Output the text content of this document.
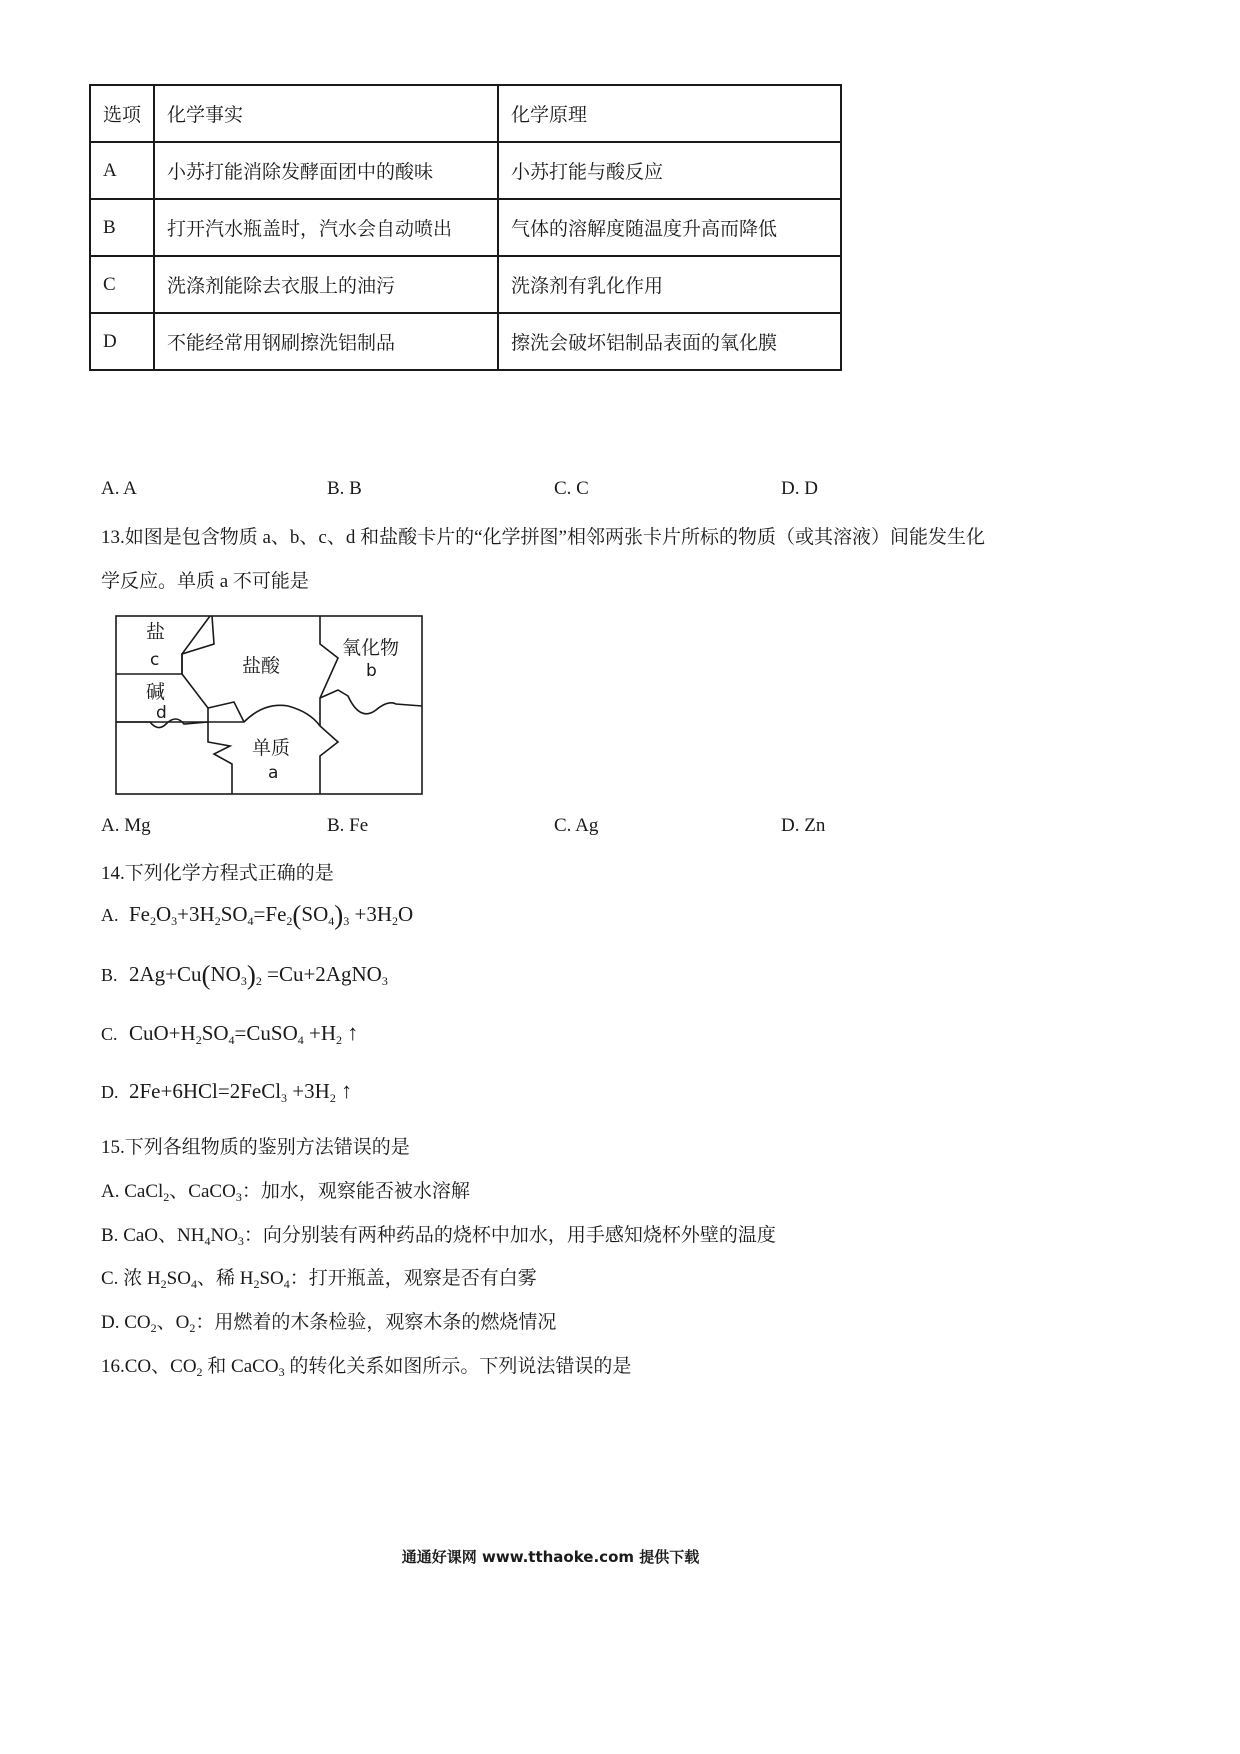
选项	化学事实	化学原理
A	小苏打能消除发酵面团中的酸味	小苏打能与酸反应
B	打开汽水瓶盖时，汽水会自动喷出	气体的溶解度随温度升高而降低
C	洗涤剂能除去衣服上的油污	洗涤剂有乳化作用
D	不能经常用钢刷擦洗铝制品	擦洗会破坏铝制品表面的氧化膜
A. A	B. B	C. C	D. D
13.如图是包含物质 a、b、c、d 和盐酸卡片的“化学拼图”相邻两张卡片所标的物质（或其溶液）间能发生化
学反应。单质 a 不可能是
盐
c
碱
d
盐酸
氧化物
b
单质
a
A. Mg	B. Fe	C. Ag	D. Zn
14.下列化学方程式正确的是
A. $Fe_2O_3+3H_2SO_4=Fe_2(SO_4)_3 +3H_2O$
B. $2Ag+Cu(NO_3)_2$ =Cu+2AgNO$_3$
C. $CuO+H_2SO_4=CuSO_4 +H_2$ ↑
D. 2Fe+6HCl=2FeCl$_3$ $+3H_2$ ↑
15.下列各组物质的鉴别方法错误的是
A. CaCl$_2$、CaCO$_3$：加水，观察能否被水溶解
B. CaO、$NH_4NO_3$：向分别装有两种药品的烧杯中加水，用手感知烧杯外壁的温度
C. 浓 $H_2SO_4$、稀 $H_2SO_4$：打开瓶盖，观察是否有白雾
D. $CO_2$、$O_2$：用燃着的木条检验，观察木条的燃烧情况
16.CO、$CO_2$ 和 CaCO$_3$ 的转化关系如图所示。下列说法错误的是
通通好课网 www.tthaoke.com 提供下载
